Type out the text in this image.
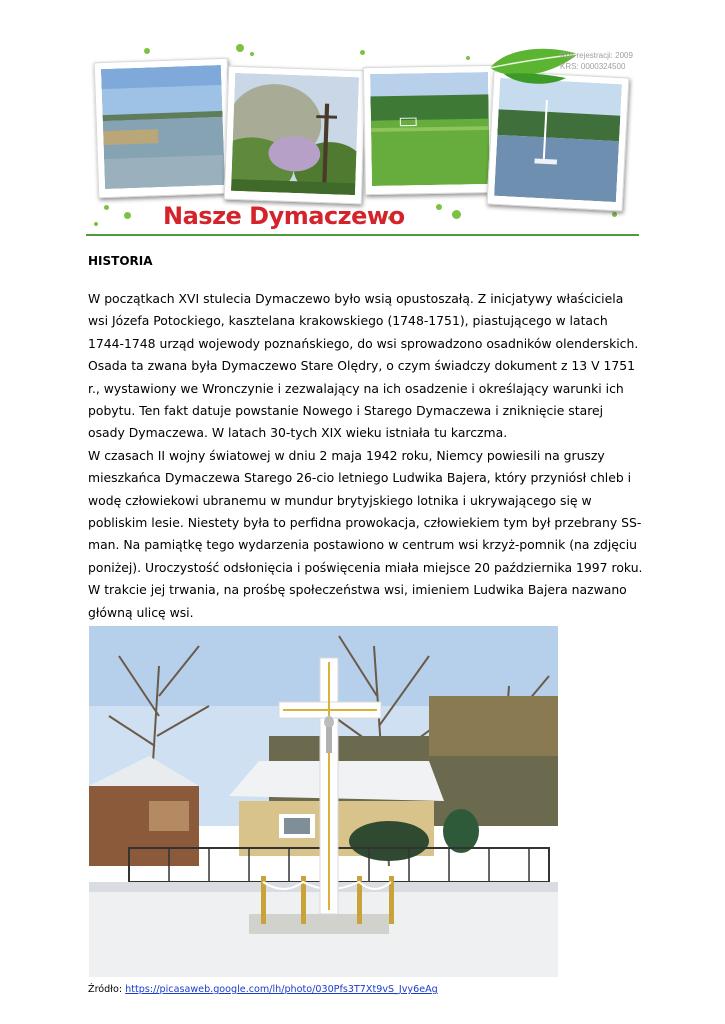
Rok rejestracji: 2009
KRS: 0000324500
Nasze Dymaczewo
HISTORIA
W początkach XVI stulecia Dymaczewo było wsią opustoszałą. Z inicjatywy właściciela
wsi Józefa Potockiego, kasztelana krakowskiego (1748-1751), piastującego w latach
1744-1748 urząd wojewody poznańskiego, do wsi sprowadzono osadników olenderskich.
Osada ta zwana była Dymaczewo Stare Olędry, o czym świadczy dokument z 13 V 1751
r., wystawiony we Wronczynie i zezwalający na ich osadzenie i określający warunki ich
pobytu. Ten fakt datuje powstanie Nowego i Starego Dymaczewa i zniknięcie starej
osady Dymaczewa. W latach 30-tych XIX wieku istniała tu karczma.
W czasach II wojny światowej w dniu 2 maja 1942 roku, Niemcy powiesili na gruszy
mieszkańca Dymaczewa Starego 26-cio letniego Ludwika Bajera, który przyniósł chleb i
wodę człowiekowi ubranemu w mundur brytyjskiego lotnika i ukrywającego się w
pobliskim lesie. Niestety była to perfidna prowokacja, człowiekiem tym był przebrany SS-
man. Na pamiątkę tego wydarzenia postawiono w centrum wsi krzyż-pomnik (na zdjęciu
poniżej). Uroczystość odsłonięcia i poświęcenia miała miejsce 20 października 1997 roku.
W trakcie jej trwania, na prośbę społeczeństwa wsi, imieniem Ludwika Bajera nazwano
główną ulicę wsi.
Źródło: https://picasaweb.google.com/lh/photo/030Pfs3T7Xt9vS_Jvy6eAg
